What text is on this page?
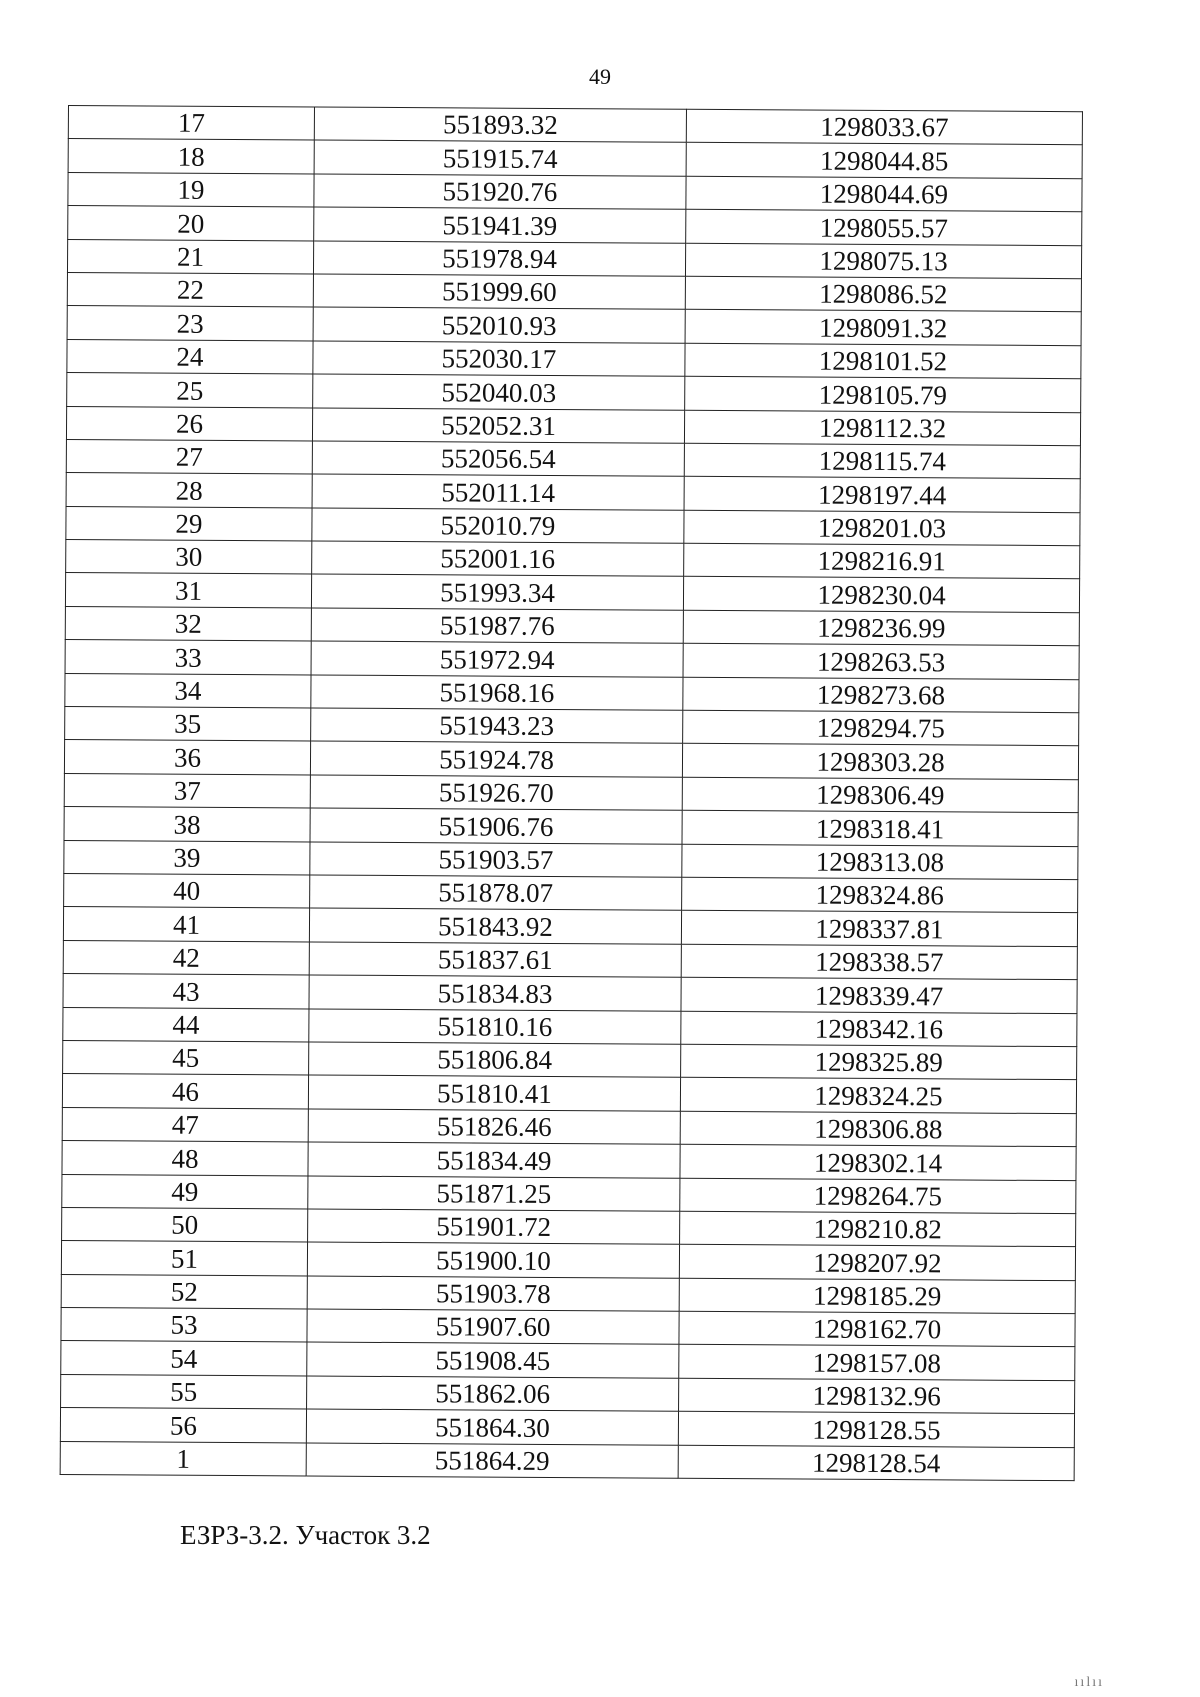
49
17	551893.32	1298033.67
18	551915.74	1298044.85
19	551920.76	1298044.69
20	551941.39	1298055.57
21	551978.94	1298075.13
22	551999.60	1298086.52
23	552010.93	1298091.32
24	552030.17	1298101.52
25	552040.03	1298105.79
26	552052.31	1298112.32
27	552056.54	1298115.74
28	552011.14	1298197.44
29	552010.79	1298201.03
30	552001.16	1298216.91
31	551993.34	1298230.04
32	551987.76	1298236.99
33	551972.94	1298263.53
34	551968.16	1298273.68
35	551943.23	1298294.75
36	551924.78	1298303.28
37	551926.70	1298306.49
38	551906.76	1298318.41
39	551903.57	1298313.08
40	551878.07	1298324.86
41	551843.92	1298337.81
42	551837.61	1298338.57
43	551834.83	1298339.47
44	551810.16	1298342.16
45	551806.84	1298325.89
46	551810.41	1298324.25
47	551826.46	1298306.88
48	551834.49	1298302.14
49	551871.25	1298264.75
50	551901.72	1298210.82
51	551900.10	1298207.92
52	551903.78	1298185.29
53	551907.60	1298162.70
54	551908.45	1298157.08
55	551862.06	1298132.96
56	551864.30	1298128.55
1	551864.29	1298128.54
ЕЗРЗ-3.2. Участок 3.2
ıılıı
